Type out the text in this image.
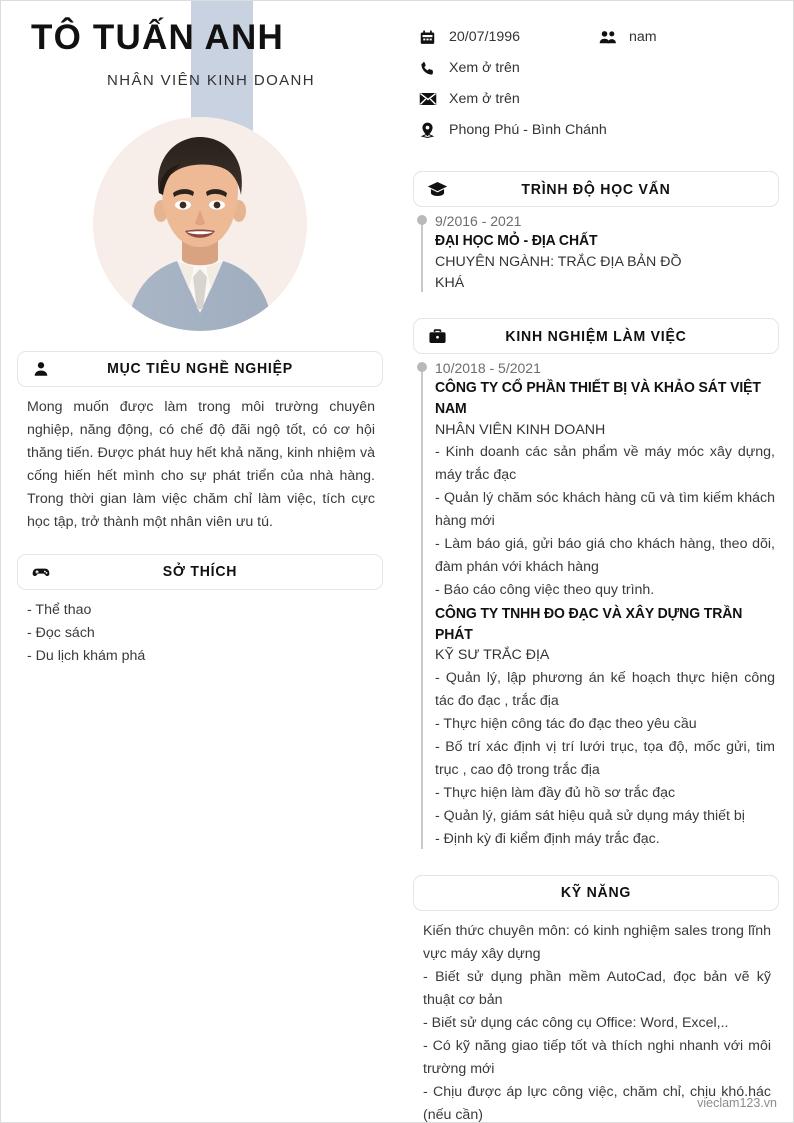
TÔ TUẤN ANH
NHÂN VIÊN KINH DOANH
MỤC TIÊU NGHỀ NGHIỆP
Mong muốn được làm trong môi trường chuyên nghiệp, năng động, có chế độ đãi ngộ tốt, có cơ hội thăng tiến. Được phát huy hết khả năng, kinh nhiệm và cống hiến hết mình cho sự phát triển của nhà hàng. Trong thời gian làm việc chăm chỉ làm việc, tích cực học tập, trở thành một nhân viên ưu tú.
SỞ THÍCH

- Thể thao

- Đọc sách

- Du lịch khám phá

20/07/1996	nam
Xem ở trên
Xem ở trên
Phong Phú - Bình Chánh
TRÌNH ĐỘ HỌC VẤN
9/2016 - 2021
ĐẠI HỌC MỎ - ĐỊA CHẤT
CHUYÊN NGÀNH: TRẮC ĐỊA BẢN ĐỒ
KHÁ
KINH NGHIỆM LÀM VIỆC
10/2018 - 5/2021
CÔNG TY CỔ PHẦN THIẾT BỊ VÀ KHẢO SÁT VIỆT NAM
NHÂN VIÊN KINH DOANH

- Kinh doanh các sản phẩm về máy móc xây dựng, máy trắc đạc

- Quản lý chăm sóc khách hàng cũ và tìm kiếm khách hàng mới

- Làm báo giá, gửi báo giá cho khách hàng, theo dõi, đàm phán với khách hàng

- Báo cáo công việc theo quy trình.

CÔNG TY TNHH ĐO ĐẠC VÀ XÂY DỰNG TRẦN PHÁT
KỸ SƯ TRẮC ĐỊA

- Quản lý, lập phương án kế hoạch thực hiện công tác đo đạc , trắc địa

- Thực hiện công tác đo đạc theo yêu cầu

- Bố trí xác định vị trí lưới trục, tọa độ, mốc gửi, tim trục , cao độ trong trắc địa

- Thực hiện làm đầy đủ hồ sơ trắc đạc

- Quản lý, giám sát hiệu quả sử dụng máy thiết bị

- Định kỳ đi kiểm định máy trắc đạc.

KỸ NĂNG

Kiến thức chuyên môn: có kinh nghiệm sales trong lĩnh vực máy xây dựng

- Biết sử dụng phần mềm AutoCad, đọc bản vẽ kỹ thuật cơ bản

- Biết sử dụng các công cụ Office: Word, Excel,..

- Có kỹ năng giao tiếp tốt và thích nghi nhanh với môi trường mới

- Chịu được áp lực công việc, chăm chỉ, chịu khó.hác (nếu cần)

vieclam123.vn
